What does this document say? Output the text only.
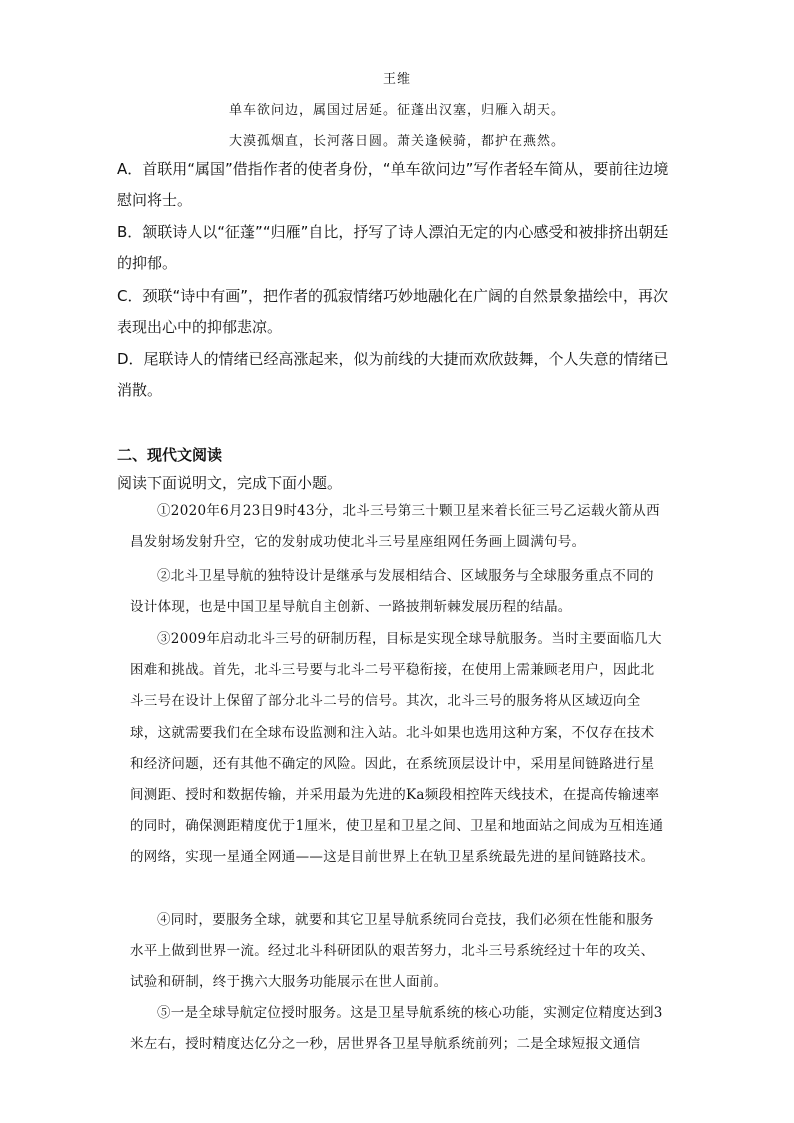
王维
单车欲问边，属国过居延。征蓬出汉塞，归雁入胡天。
大漠孤烟直，长河落日圆。萧关逢候骑，都护在燕然。
A．首联用“属国”借指作者的使者身份，“单车欲问边”写作者轻车简从，要前往边境慰问将士。
B．颔联诗人以“征蓬”“归雁”自比，抒写了诗人漂泊无定的内心感受和被排挤出朝廷的抑郁。
C．颈联“诗中有画”，把作者的孤寂情绪巧妙地融化在广阔的自然景象描绘中，再次表现出心中的抑郁悲凉。
D．尾联诗人的情绪已经高涨起来，似为前线的大捷而欢欣鼓舞，个人失意的情绪已消散。
二、现代文阅读
阅读下面说明文，完成下面小题。
①2020年6月23日9时43分，北斗三号第三十颗卫星来着长征三号乙运载火箭从西昌发射场发射升空，它的发射成功使北斗三号星座组网任务画上圆满句号。
②北斗卫星导航的独特设计是继承与发展相结合、区域服务与全球服务重点不同的设计体现，也是中国卫星导航自主创新、一路披荆斩棘发展历程的结晶。
③2009年启动北斗三号的研制历程，目标是实现全球导航服务。当时主要面临几大困难和挑战。首先，北斗三号要与北斗二号平稳衔接，在使用上需兼顾老用户，因此北斗三号在设计上保留了部分北斗二号的信号。其次，北斗三号的服务将从区域迈向全球，这就需要我们在全球布设监测和注入站。北斗如果也选用这种方案，不仅存在技术和经济问题，还有其他不确定的风险。因此，在系统顶层设计中，采用星间链路进行星间测距、授时和数据传输，并采用最为先进的Ka频段相控阵天线技术，在提高传输速率的同时，确保测距精度优于1厘米，使卫星和卫星之间、卫星和地面站之间成为互相连通的网络，实现一星通全网通——这是目前世界上在轨卫星系统最先进的星间链路技术。
④同时，要服务全球，就要和其它卫星导航系统同台竞技，我们必须在性能和服务水平上做到世界一流。经过北斗科研团队的艰苦努力，北斗三号系统经过十年的攻关、试验和研制，终于携六大服务功能展示在世人面前。
⑤一是全球导航定位授时服务。这是卫星导航系统的核心功能，实测定位精度达到3米左右，授时精度达亿分之一秒，居世界各卫星导航系统前列；二是全球短报文通信
